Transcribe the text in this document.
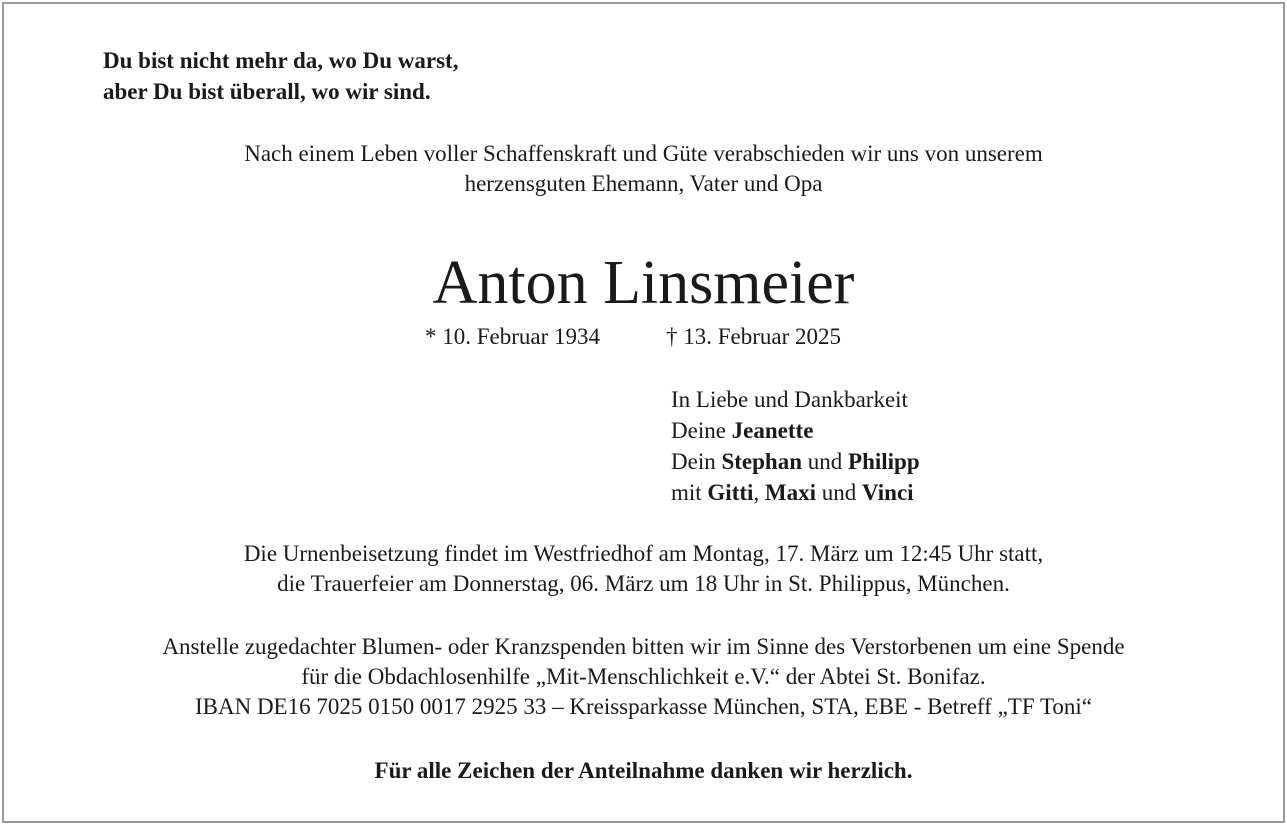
Du bist nicht mehr da, wo Du warst,
aber Du bist überall, wo wir sind.
Nach einem Leben voller Schaffenskraft und Güte verabschieden wir uns von unserem
herzensguten Ehemann, Vater und Opa
Anton Linsmeier
* 10. Februar 1934	† 13. Februar 2025
In Liebe und Dankbarkeit
Deine Jeanette
Dein Stephan und Philipp
mit Gitti, Maxi und Vinci
Die Urnenbeisetzung findet im Westfriedhof am Montag, 17. März um 12:45 Uhr statt,
die Trauerfeier am Donnerstag, 06. März um 18 Uhr in St. Philippus, München.
Anstelle zugedachter Blumen- oder Kranzspenden bitten wir im Sinne des Verstorbenen um eine Spende
für die Obdachlosenhilfe „Mit-Menschlichkeit e.V.“ der Abtei St. Bonifaz.
IBAN DE16 7025 0150 0017 2925 33 – Kreissparkasse München, STA, EBE - Betreff „TF Toni“
Für alle Zeichen der Anteilnahme danken wir herzlich.
